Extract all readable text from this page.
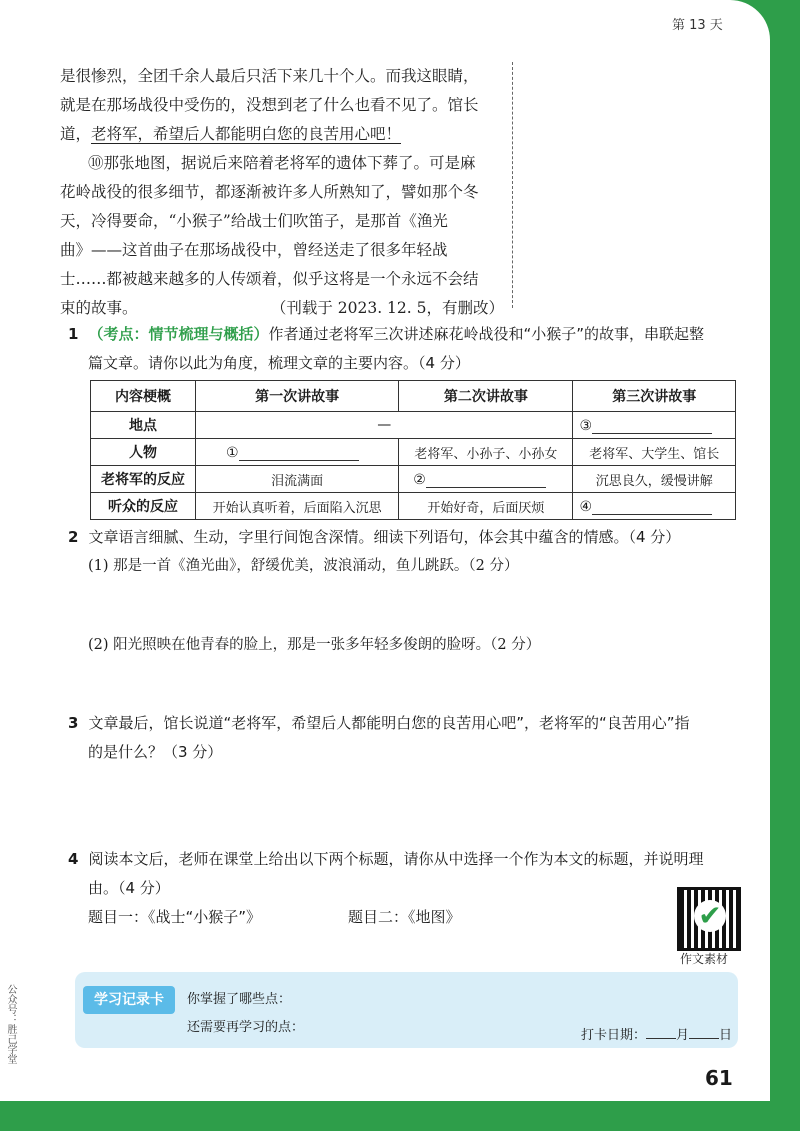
第 13 天

是很惨烈，全团千余人最后只活下来几十个人。而我这眼睛，

就是在那场战役中受伤的，没想到老了什么也看不见了。馆长

道，老将军，希望后人都能明白您的良苦用心吧！

⑩那张地图，据说后来陪着老将军的遗体下葬了。可是麻

花岭战役的很多细节，都逐渐被许多人所熟知了，譬如那个冬

天，冷得要命，“小猴子”给战士们吹笛子，是那首《渔光

曲》——这首曲子在那场战役中，曾经送走了很多年轻战

士……都被越来越多的人传颂着，似乎这将是一个永远不会结

束的故事。	（刊载于 2023. 12. 5，有删改）

1 （考点：情节梳理与概括）作者通过老将军三次讲述麻花岭战役和“小猴子”的故事，串联起整
篇文章。请你以此为角度，梳理文章的主要内容。（4 分）
内容梗概	第一次讲故事	第二次讲故事	第三次讲故事
地点	—		③
人物	①	老将军、小孙子、小孙女	老将军、大学生、馆长
老将军的反应	泪流满面	②	沉思良久，缓慢讲解
听众的反应	开始认真听着，后面陷入沉思	开始好奇，后面厌烦	④
2 文章语言细腻、生动，字里行间饱含深情。细读下列语句，体会其中蕴含的情感。（4 分）
(1) 那是一首《渔光曲》，舒缓优美，波浪涌动，鱼儿跳跃。（2 分）
(2) 阳光照映在他青春的脸上，那是一张多年轻多俊朗的脸呀。（2 分）
3 文章最后，馆长说道“老将军，希望后人都能明白您的良苦用心吧”，老将军的“良苦用心”指
的是什么？（3 分）
4 阅读本文后，老师在课堂上给出以下两个标题，请你从中选择一个作为本文的标题，并说明理
由。（4 分）
题目一：《战士“小猴子”》	题目二：《地图》	✔
作文素材
学习记录卡	你掌握了哪些点：
还需要再学习的点：
打卡日期： 月 日
61
公众号：胜己学堂
